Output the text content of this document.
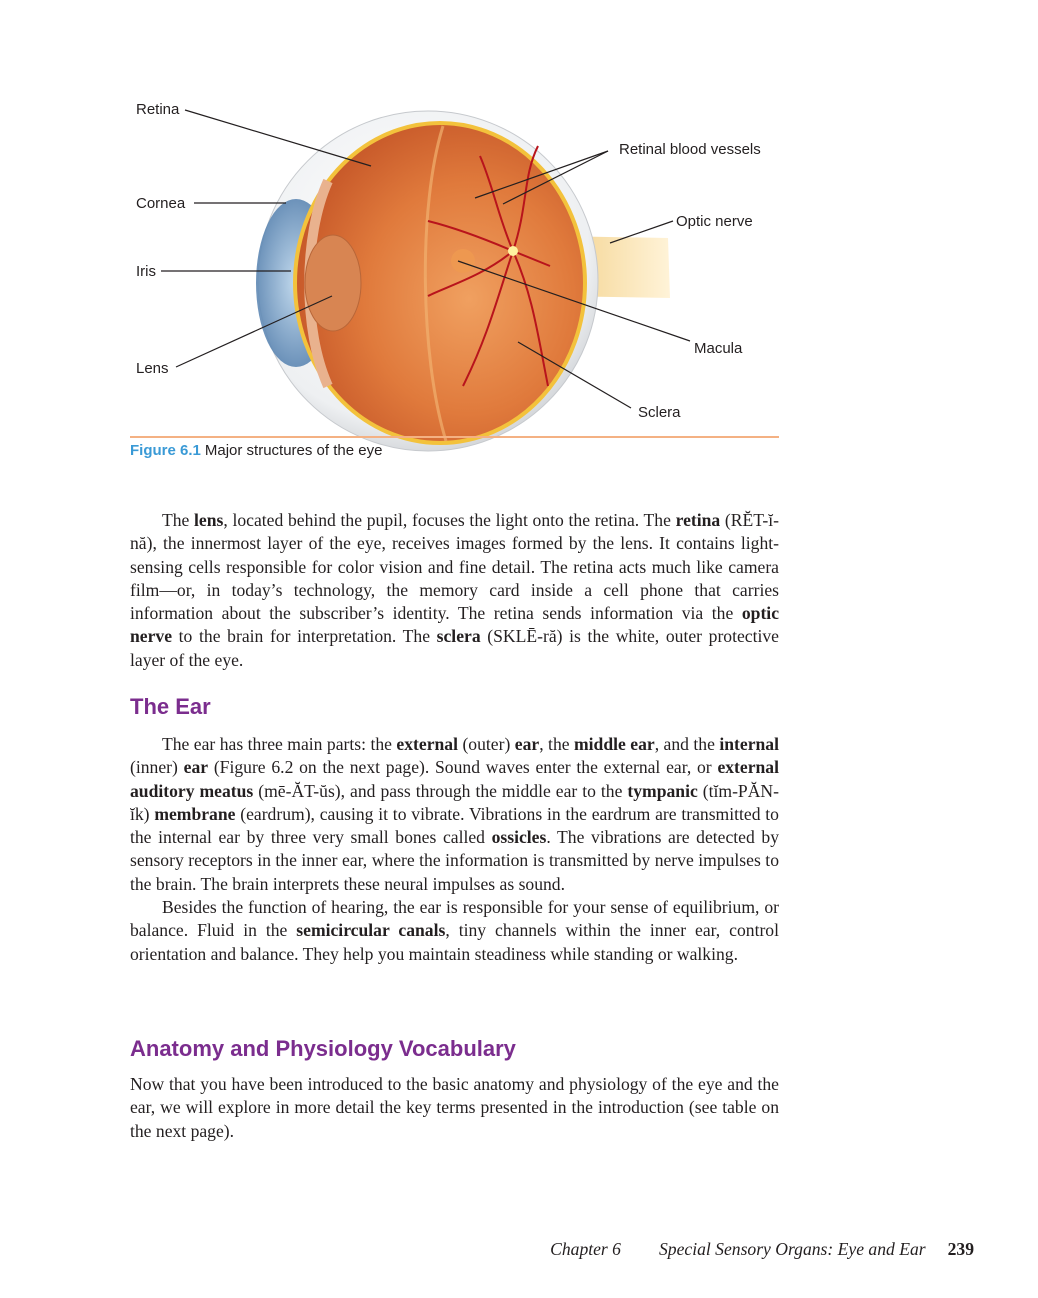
Retina
Cornea
Iris
Lens
Retinal blood vessels
Optic nerve
Macula
Sclera
Figure 6.1 Major structures of the eye

The lens, located behind the pupil, focuses the light onto the retina. The retina (RĔT-ĭ-nă), the innermost layer of the eye, receives images formed by the lens. It contains light-sensing cells responsible for color vision and fine detail. The retina acts much like camera film—or, in today’s technology, the memory card inside a cell phone that carries information about the subscriber’s identity. The retina sends information via the optic nerve to the brain for interpretation. The sclera (SKLĒ-ră) is the white, outer protective layer of the eye.

The Ear

The ear has three main parts: the external (outer) ear, the middle ear, and the internal (inner) ear (Figure 6.2 on the next page). Sound waves enter the external ear, or external auditory meatus (mē-ĂT-ŭs), and pass through the middle ear to the tympanic (tĭm-PĂN-ĭk) membrane (eardrum), causing it to vibrate. Vibrations in the eardrum are transmitted to the internal ear by three very small bones called ossicles. The vibrations are detected by sensory receptors in the inner ear, where the information is transmitted by nerve impulses to the brain. The brain interprets these neural impulses as sound.

Besides the function of hearing, the ear is responsible for your sense of equilibrium, or balance. Fluid in the semicircular canals, tiny channels within the inner ear, control orientation and balance. They help you maintain steadiness while standing or walking.

Anatomy and Physiology Vocabulary

Now that you have been introduced to the basic anatomy and physiology of the eye and the ear, we will explore in more detail the key terms presented in the introduction (see table on the next page).

Chapter 6 Special Sensory Organs: Eye and Ear 239
